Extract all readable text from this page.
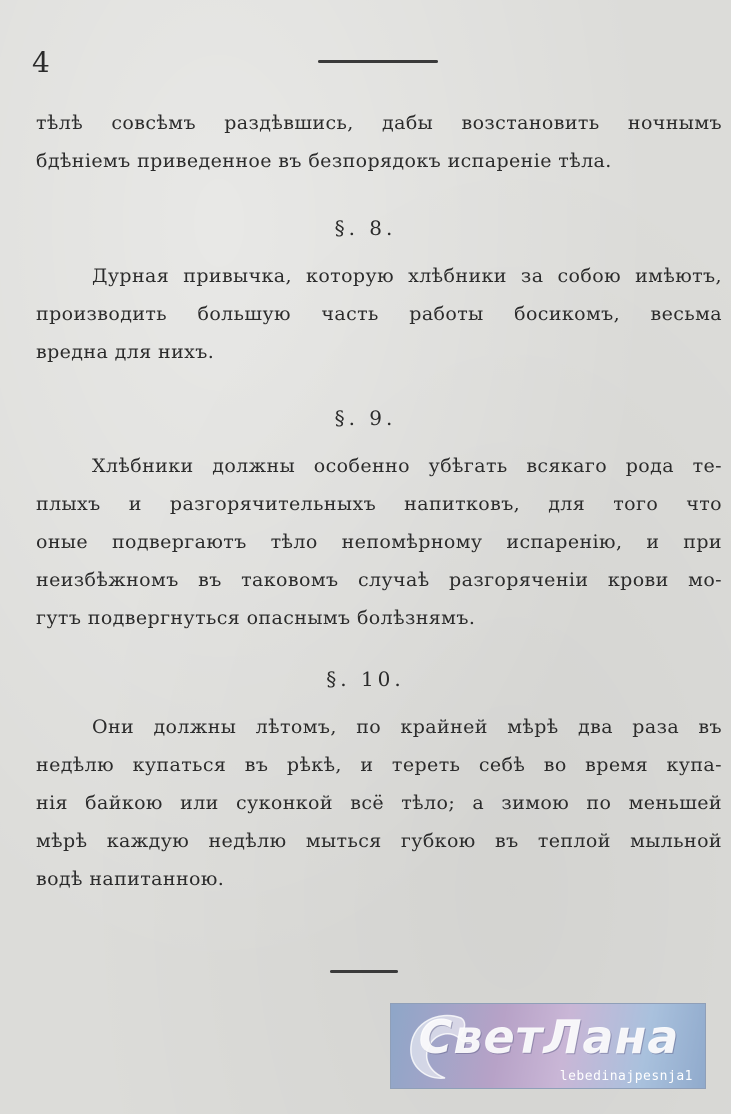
4
тѣлѣ совсѣмъ раздѣвшись, дабы возстановить ночнымъ
бдѣнiемъ приведенное въ безпорядокъ испаренiе тѣла.
§. 8.
Дурная привычка, которую хлѣбники за собою имѣютъ,
производить большую часть работы босикомъ, весьма
вредна для нихъ.
§. 9.
Хлѣбники должны особенно убѣгать всякаго рода те-
плыхъ и разгорячительныхъ напитковъ, для того что
оные подвергаютъ тѣло непомѣрному испаренiю, и при
неизбѣжномъ въ таковомъ случаѣ разгоряченiи крови мо-
гутъ подвергнуться опаснымъ болѣзнямъ.
§. 10.
Они должны лѣтомъ, по крайней мѣрѣ два раза въ
недѣлю купаться въ рѣкѣ, и тереть себѣ во время купа-
нiя байкою или суконкой всё тѣло; а зимою по меньшей
мѣрѣ каждую недѣлю мыться губкою въ теплой мыльной
водѣ напитанною.
СветЛана
lebedinajpesnja1
